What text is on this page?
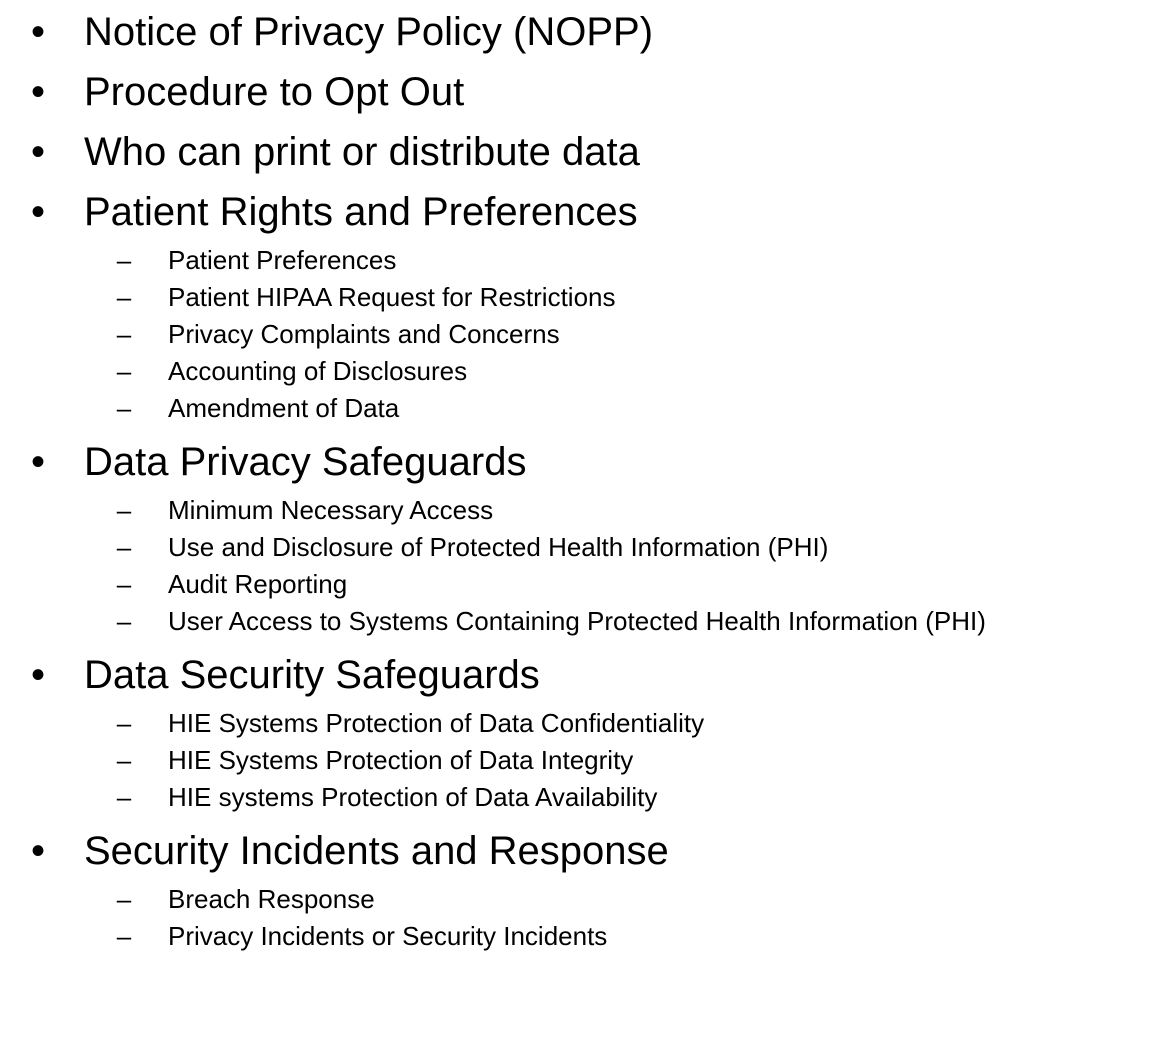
• Notice of Privacy Policy (NOPP)
• Procedure to Opt Out
• Who can print or distribute data
• Patient Rights and Preferences
– Patient Preferences
– Patient HIPAA Request for Restrictions
– Privacy Complaints and Concerns
– Accounting of Disclosures
– Amendment of Data
• Data Privacy Safeguards
– Minimum Necessary Access
– Use and Disclosure of Protected Health Information (PHI)
– Audit Reporting
– User Access to Systems Containing Protected Health Information (PHI)
• Data Security Safeguards
– HIE Systems Protection of Data Confidentiality
– HIE Systems Protection of Data Integrity
– HIE systems Protection of Data Availability
• Security Incidents and Response
– Breach Response
– Privacy Incidents or Security Incidents
